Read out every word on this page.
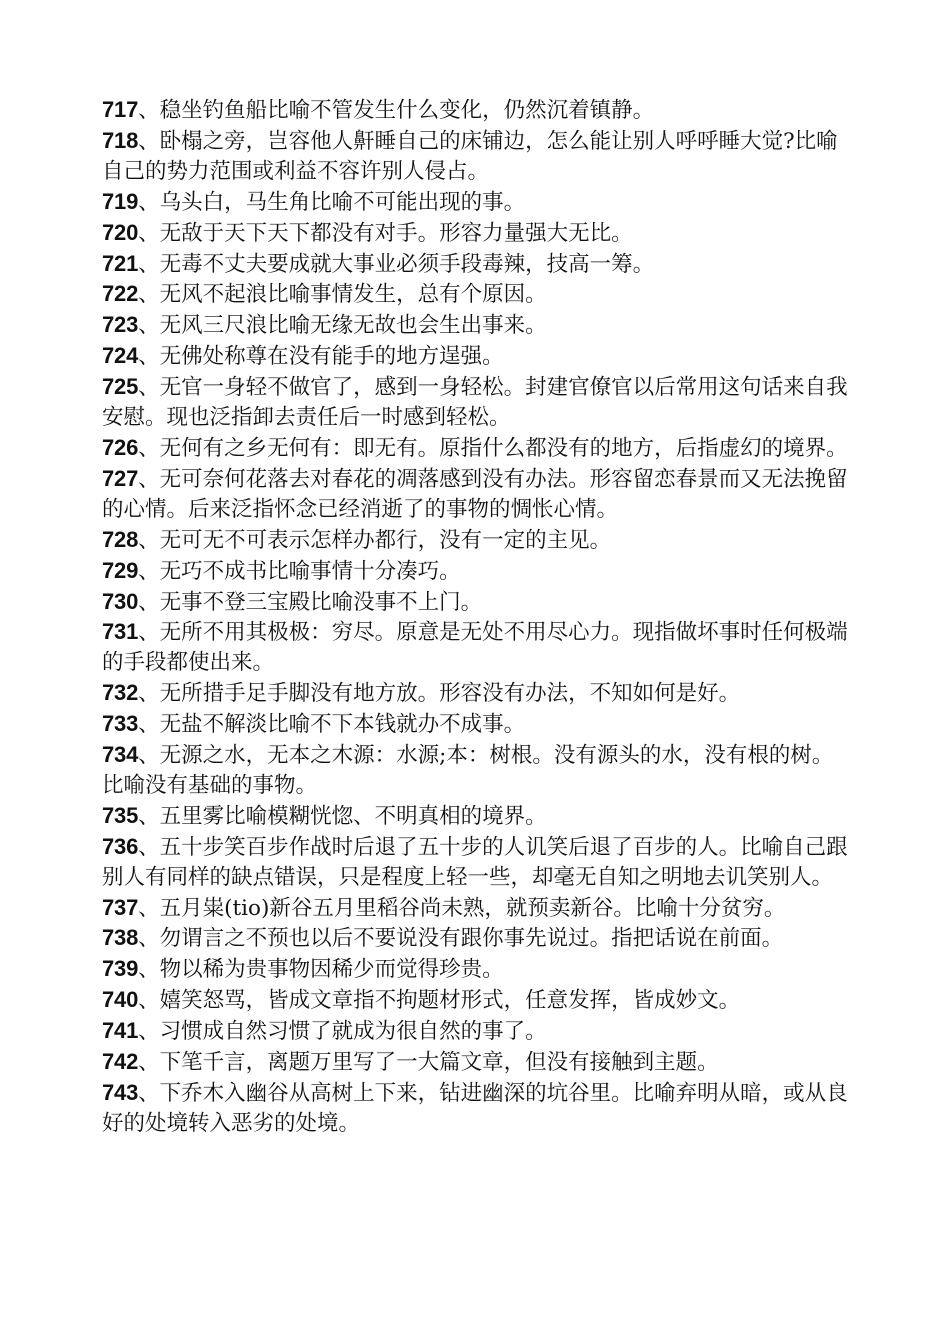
717、稳坐钓鱼船比喻不管发生什么变化，仍然沉着镇静。

718、卧榻之旁，岂容他人鼾睡自己的床铺边，怎么能让别人呼呼睡大觉?比喻自己的势力范围或利益不容许别人侵占。

719、乌头白，马生角比喻不可能出现的事。

720、无敌于天下天下都没有对手。形容力量强大无比。

721、无毒不丈夫要成就大事业必须手段毒辣，技高一筹。

722、无风不起浪比喻事情发生，总有个原因。

723、无风三尺浪比喻无缘无故也会生出事来。

724、无佛处称尊在没有能手的地方逞强。

725、无官一身轻不做官了，感到一身轻松。封建官僚官以后常用这句话来自我安慰。现也泛指卸去责任后一时感到轻松。

726、无何有之乡无何有：即无有。原指什么都没有的地方，后指虚幻的境界。

727、无可奈何花落去对春花的凋落感到没有办法。形容留恋春景而又无法挽留的心情。后来泛指怀念已经消逝了的事物的惆怅心情。

728、无可无不可表示怎样办都行，没有一定的主见。

729、无巧不成书比喻事情十分凑巧。

730、无事不登三宝殿比喻没事不上门。

731、无所不用其极极：穷尽。原意是无处不用尽心力。现指做坏事时任何极端的手段都使出来。

732、无所措手足手脚没有地方放。形容没有办法，不知如何是好。

733、无盐不解淡比喻不下本钱就办不成事。

734、无源之水，无本之木源：水源;本：树根。没有源头的水，没有根的树。比喻没有基础的事物。

735、五里雾比喻模糊恍惚、不明真相的境界。

736、五十步笑百步作战时后退了五十步的人讥笑后退了百步的人。比喻自己跟别人有同样的缺点错误，只是程度上轻一些，却毫无自知之明地去讥笑别人。

737、五月粜(tio)新谷五月里稻谷尚未熟，就预卖新谷。比喻十分贫穷。

738、勿谓言之不预也以后不要说没有跟你事先说过。指把话说在前面。

739、物以稀为贵事物因稀少而觉得珍贵。

740、嬉笑怒骂，皆成文章指不拘题材形式，任意发挥，皆成妙文。

741、习惯成自然习惯了就成为很自然的事了。

742、下笔千言，离题万里写了一大篇文章，但没有接触到主题。

743、下乔木入幽谷从高树上下来，钻进幽深的坑谷里。比喻弃明从暗，或从良好的处境转入恶劣的处境。
